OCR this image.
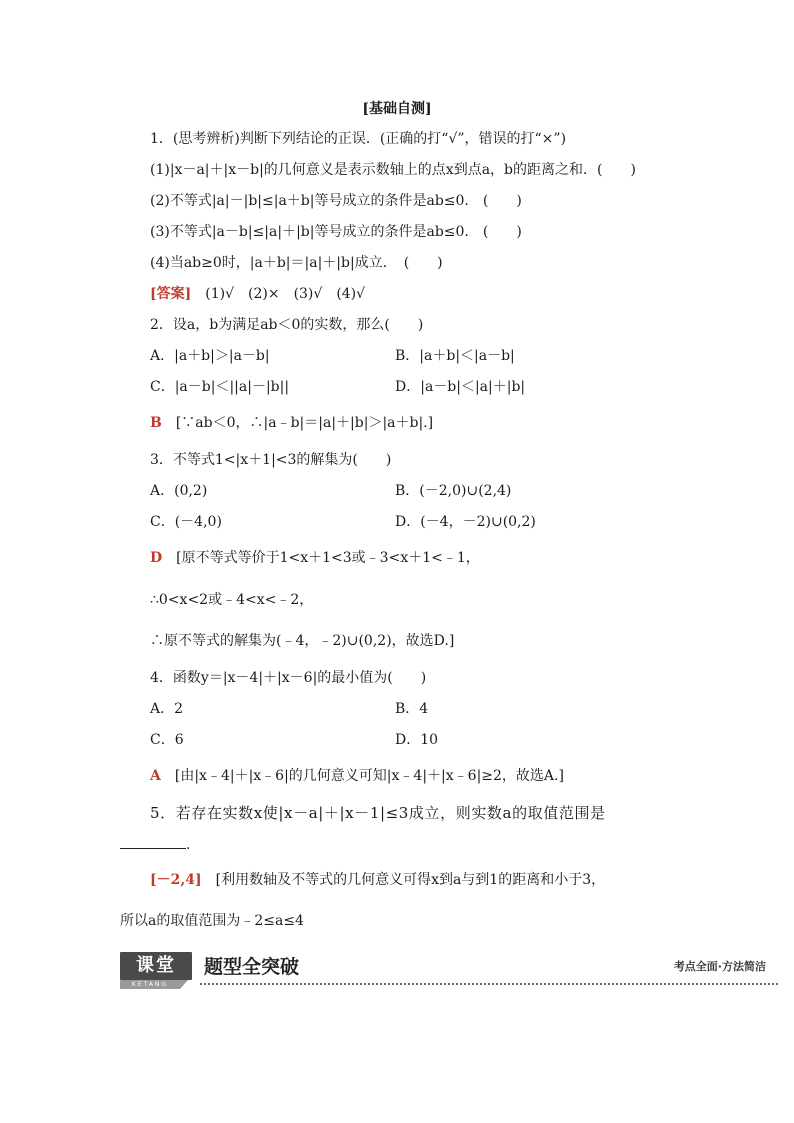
[基础自测]
1．(思考辨析)判断下列结论的正误．(正确的打“√”，错误的打“×”)
(1)|x－a|＋|x－b|的几何意义是表示数轴上的点x到点a，b的距离之和．(　　)
(2)不等式|a|－|b|≤|a＋b|等号成立的条件是ab≤0.　(　　)
(3)不等式|a－b|≤|a|＋|b|等号成立的条件是ab≤0.　(　　)
(4)当ab≥0时，|a＋b|＝|a|＋|b|成立．　(　　)
[答案]　(1)√　(2)×　(3)√　(4)√
2．设a，b为满足ab＜0的实数，那么(　　)
A．|a＋b|＞|a－b|	B．|a＋b|＜|a－b|
C．|a－b|＜||a|－|b||	D．|a－b|＜|a|＋|b|
B　[∵ab＜0，∴|a﹣b|＝|a|＋|b|＞|a＋b|.]
3．不等式1<|x＋1|<3的解集为(　　)
A．(0,2)	B．(－2,0)∪(2,4)
C．(－4,0)	D．(－4，－2)∪(0,2)
D　[原不等式等价于1<x＋1<3或﹣3<x＋1<﹣1，
∴0<x<2或﹣4<x<﹣2，
∴原不等式的解集为(﹣4，﹣2)∪(0,2)，故选D.]
4．函数y＝|x－4|＋|x－6|的最小值为(　　)
A．2	B．4
C．6	D．10
A　[由|x﹣4|＋|x﹣6|的几何意义可知|x﹣4|＋|x﹣6|≥2，故选A.]
5．若存在实数x使|x－a|＋|x－1|≤3成立，则实数a的取值范围是
.
[－2,4]　[利用数轴及不等式的几何意义可得x到a与到1的距离和小于3，
所以a的取值范围为﹣2≤a≤4
课堂
KETANG
题型全突破	考点全面·方法简洁
